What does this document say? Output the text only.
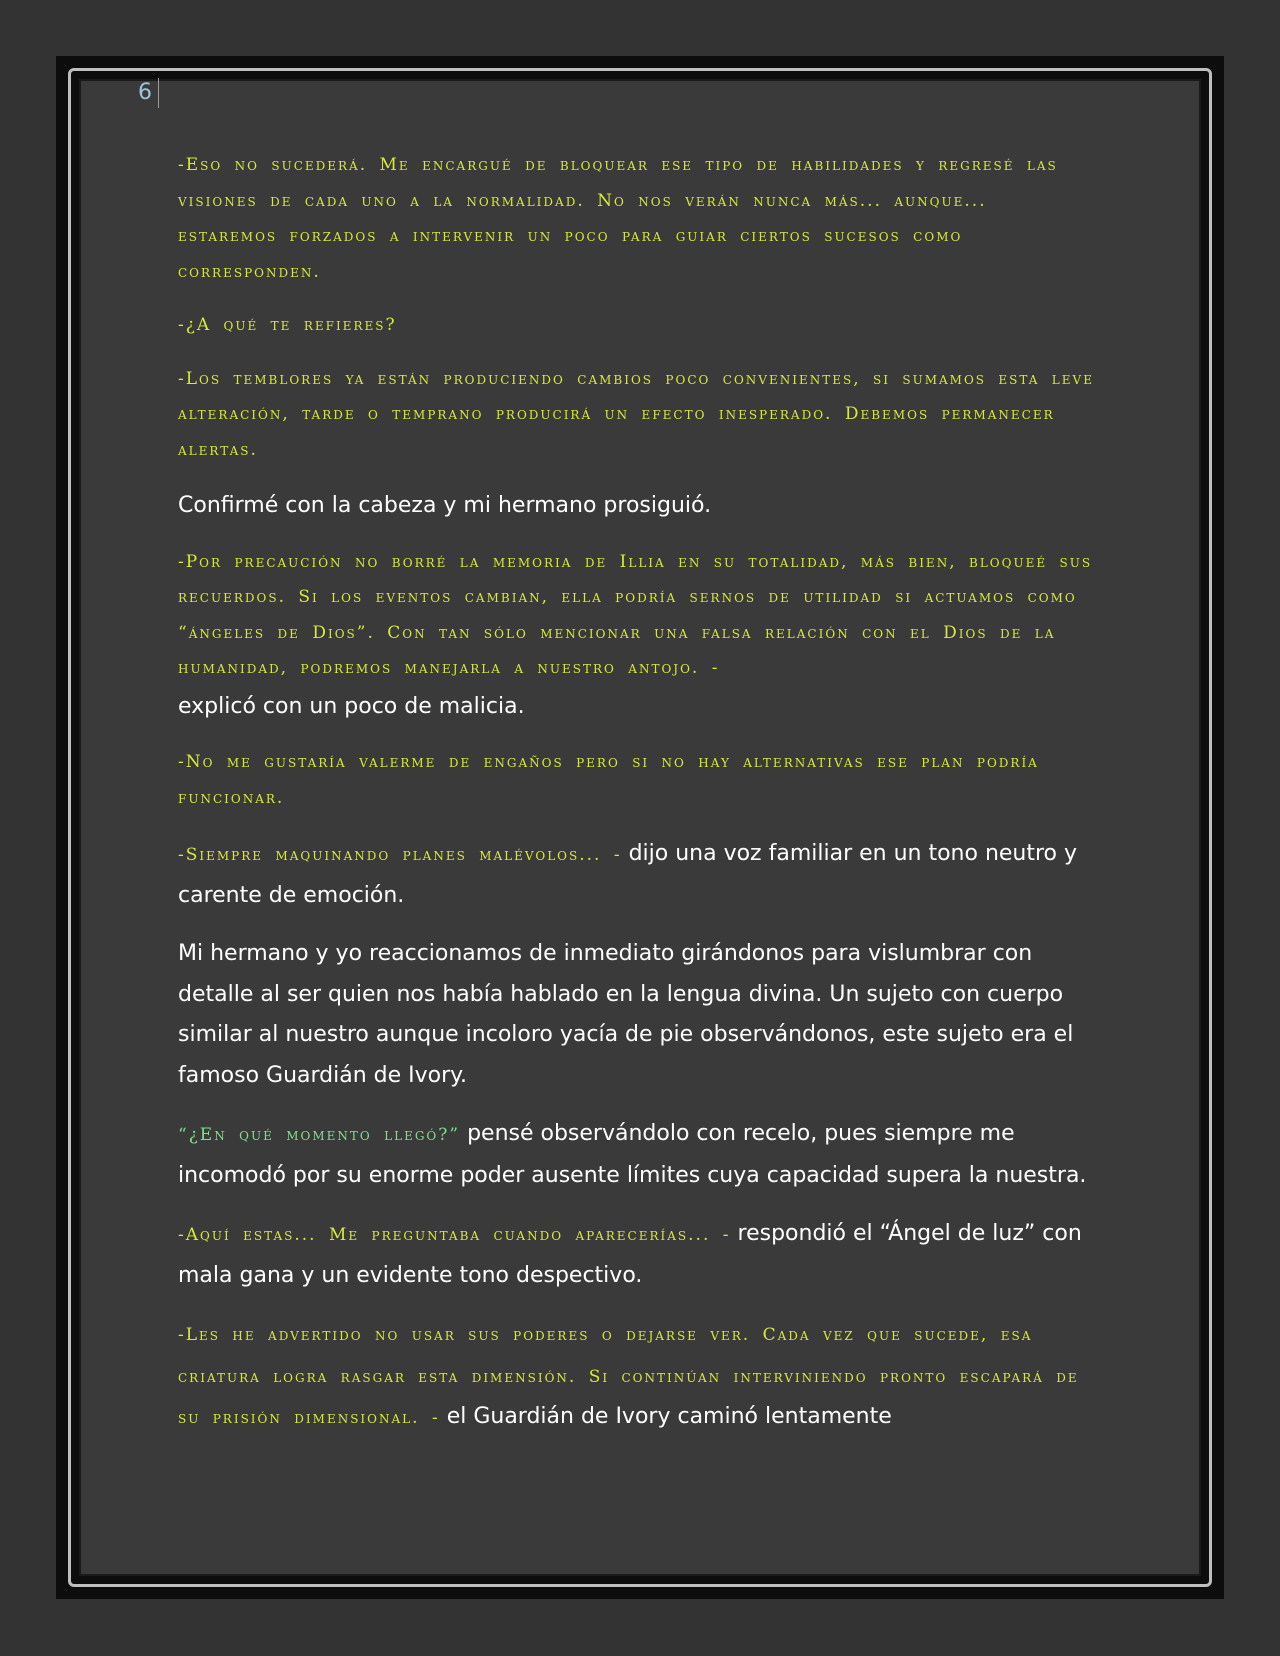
6

-Eso no sucederá. Me encargué de bloquear ese tipo de habilidades y regresé las visiones de cada uno a la normalidad. No nos verán nunca más... aunque... estaremos forzados a intervenir un poco para guiar ciertos sucesos como corresponden.

-¿A qué te refieres?

-Los temblores ya están produciendo cambios poco convenientes, si sumamos esta leve alteración, tarde o temprano producirá un efecto inesperado. Debemos permanecer alertas.

Confirmé con la cabeza y mi hermano prosiguió.

-Por precaución no borré la memoria de Illia en su totalidad, más bien, bloqueé sus recuerdos. Si los eventos cambian, ella podría sernos de utilidad si actuamos como “ángeles de Dios”. Con tan sólo mencionar una falsa relación con el Dios de la humanidad, podremos manejarla a nuestro antojo. -
explicó con un poco de malicia.

-No me gustaría valerme de engaños pero si no hay alternativas ese plan podría funcionar.

-Siempre maquinando planes malévolos... - dijo una voz familiar en un tono neutro y carente de emoción.

Mi hermano y yo reaccionamos de inmediato girándonos para vislumbrar con detalle al ser quien nos había hablado en la lengua divina. Un sujeto con cuerpo similar al nuestro aunque incoloro yacía de pie observándonos, este sujeto era el famoso Guardián de Ivory.

“¿En qué momento llegó?” pensé observándolo con recelo, pues siempre me incomodó por su enorme poder ausente límites cuya capacidad supera la nuestra.

-Aquí estas... Me preguntaba cuando aparecerías... - respondió el “Ángel de luz” con mala gana y un evidente tono despectivo.

-Les he advertido no usar sus poderes o dejarse ver. Cada vez que sucede, esa criatura logra rasgar esta dimensión. Si continúan interviniendo pronto escapará de su prisión dimensional. - el Guardián de Ivory caminó lentamente
